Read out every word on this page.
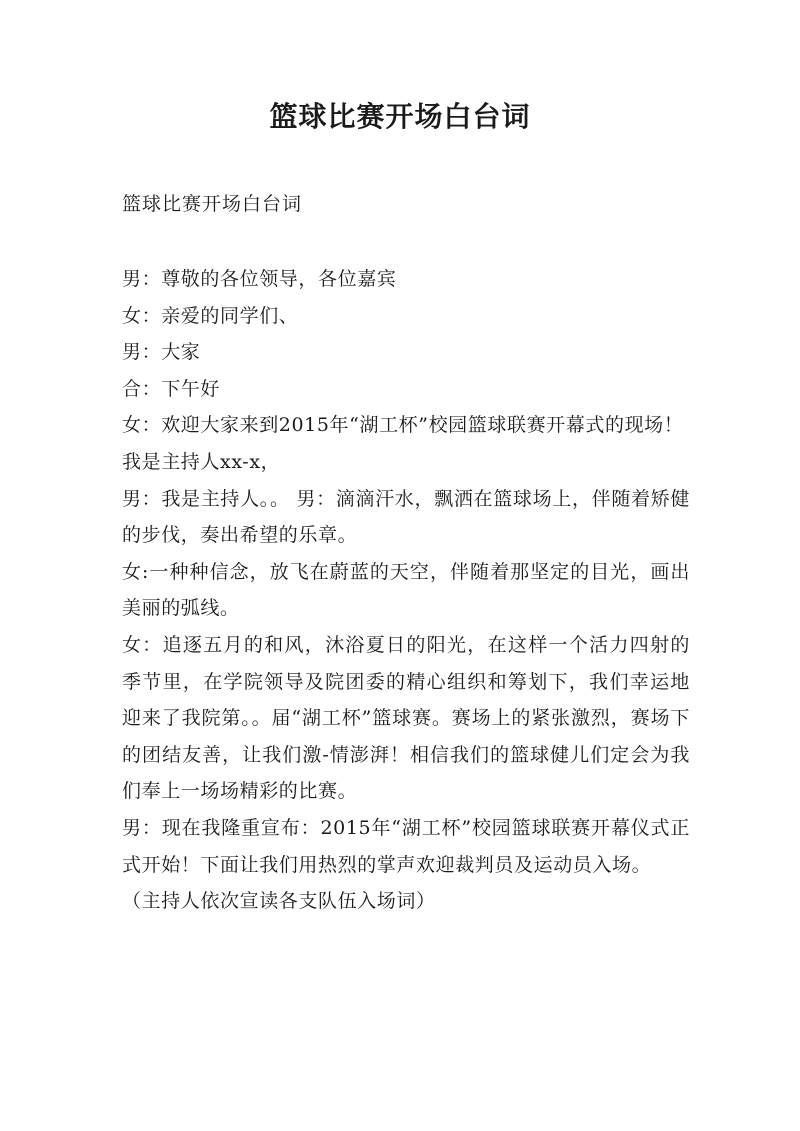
篮球比赛开场白台词

篮球比赛开场白台词

男：尊敬的各位领导，各位嘉宾

女：亲爱的同学们、

男：大家

合：下午好

女：欢迎大家来到2015年“湖工杯”校园篮球联赛开幕式的现场！

我是主持人xx-x，

男：我是主持人。。 男：滴滴汗水，飘洒在篮球场上，伴随着矫健的步伐，奏出希望的乐章。

女:一种种信念，放飞在蔚蓝的天空，伴随着那坚定的目光，画出美丽的弧线。

女：追逐五月的和风，沐浴夏日的阳光，在这样一个活力四射的季节里，在学院领导及院团委的精心组织和筹划下，我们幸运地迎来了我院第。。届“湖工杯”篮球赛。赛场上的紧张激烈，赛场下的团结友善，让我们激-情澎湃！相信我们的篮球健儿们定会为我们奉上一场场精彩的比赛。

男：现在我隆重宣布：2015年“湖工杯”校园篮球联赛开幕仪式正式开始！下面让我们用热烈的掌声欢迎裁判员及运动员入场。

（主持人依次宣读各支队伍入场词）
